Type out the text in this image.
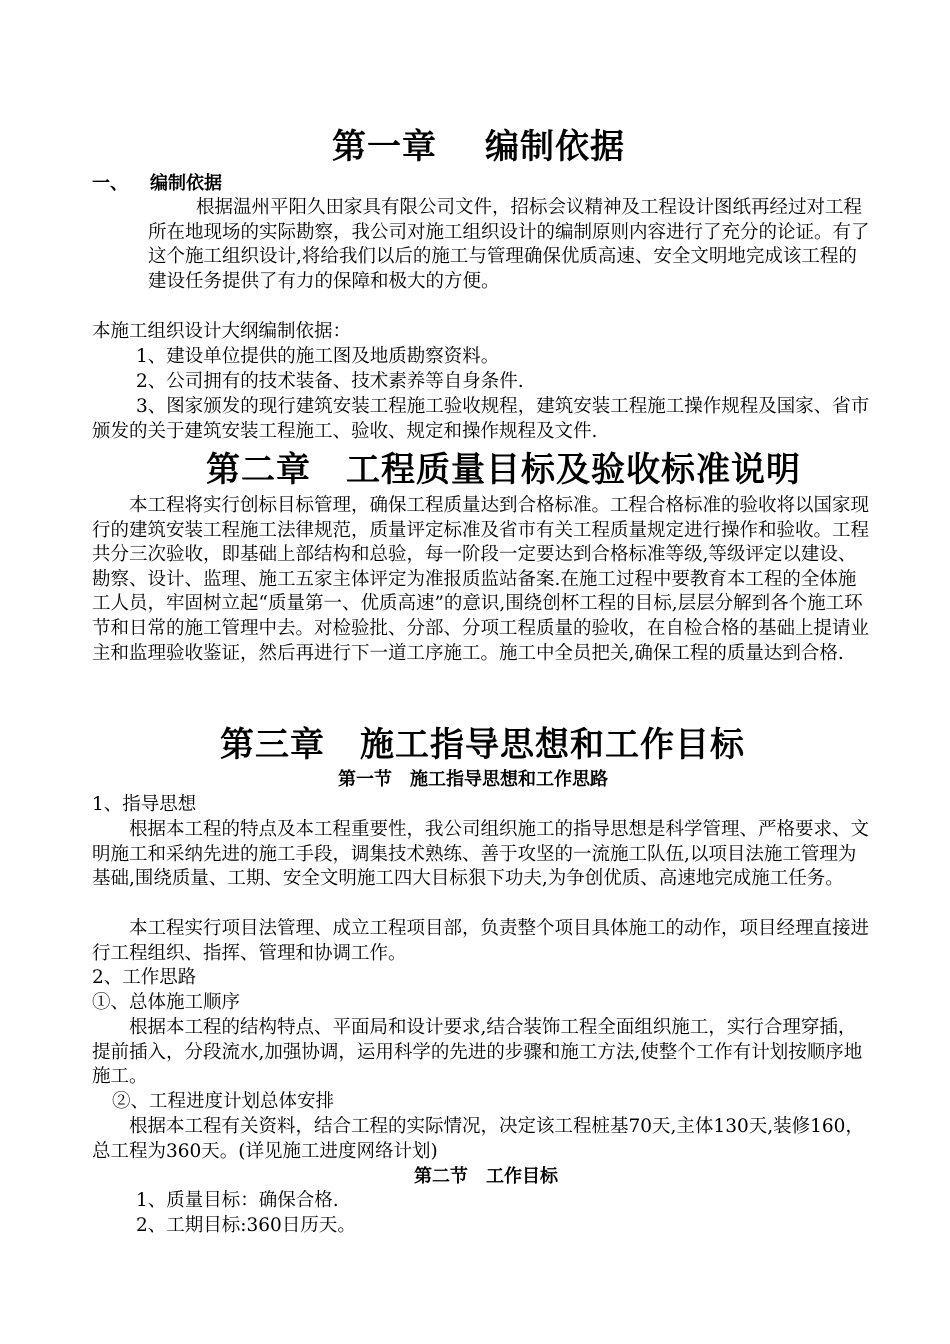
第一章 编制依据
一、 编制依据
根据温州平阳久田家具有限公司文件，招标会议精神及工程设计图纸再经过对工程所在地现场的实际勘察，我公司对施工组织设计的编制原则内容进行了充分的论证。有了这个施工组织设计,将给我们以后的施工与管理确保优质高速、安全文明地完成该工程的建设任务提供了有力的保障和极大的方便。
本施工组织设计大纲编制依据：
1、建设单位提供的施工图及地质勘察资料。
2、公司拥有的技术装备、技术素养等自身条件.
3、图家颁发的现行建筑安装工程施工验收规程，建筑安装工程施工操作规程及国家、省市颁发的关于建筑安装工程施工、验收、规定和操作规程及文件.
第二章　工程质量目标及验收标准说明
本工程将实行创标目标管理，确保工程质量达到合格标准。工程合格标准的验收将以国家现行的建筑安装工程施工法律规范，质量评定标准及省市有关工程质量规定进行操作和验收。工程共分三次验收，即基础上部结构和总验，每一阶段一定要达到合格标准等级,等级评定以建设、勘察、设计、监理、施工五家主体评定为准报质监站备案.在施工过程中要教育本工程的全体施工人员，牢固树立起“质量第一、优质高速”的意识,围绕创杯工程的目标,层层分解到各个施工环节和日常的施工管理中去。对检验批、分部、分项工程质量的验收，在自检合格的基础上提请业主和监理验收鉴证，然后再进行下一道工序施工。施工中全员把关,确保工程的质量达到合格.
第三章　施工指导思想和工作目标
第一节　施工指导思想和工作思路
1、指导思想
根据本工程的特点及本工程重要性，我公司组织施工的指导思想是科学管理、严格要求、文明施工和采纳先进的施工手段，调集技术熟练、善于攻坚的一流施工队伍,以项目法施工管理为基础,围绕质量、工期、安全文明施工四大目标狠下功夫,为争创优质、高速地完成施工任务。
本工程实行项目法管理、成立工程项目部，负责整个项目具体施工的动作，项目经理直接进行工程组织、指挥、管理和协调工作。
2、工作思路
①、总体施工顺序
根据本工程的结构特点、平面局和设计要求,结合装饰工程全面组织施工，实行合理穿插，提前插入，分段流水,加强协调，运用科学的先进的步骤和施工方法,使整个工作有计划按顺序地施工。
②、工程进度计划总体安排
根据本工程有关资料，结合工程的实际情况，决定该工程桩基70天,主体130天,装修160，总工程为360天。(详见施工进度网络计划)
第二节　工作目标
1、质量目标：确保合格.
2、工期目标:360日历天。
